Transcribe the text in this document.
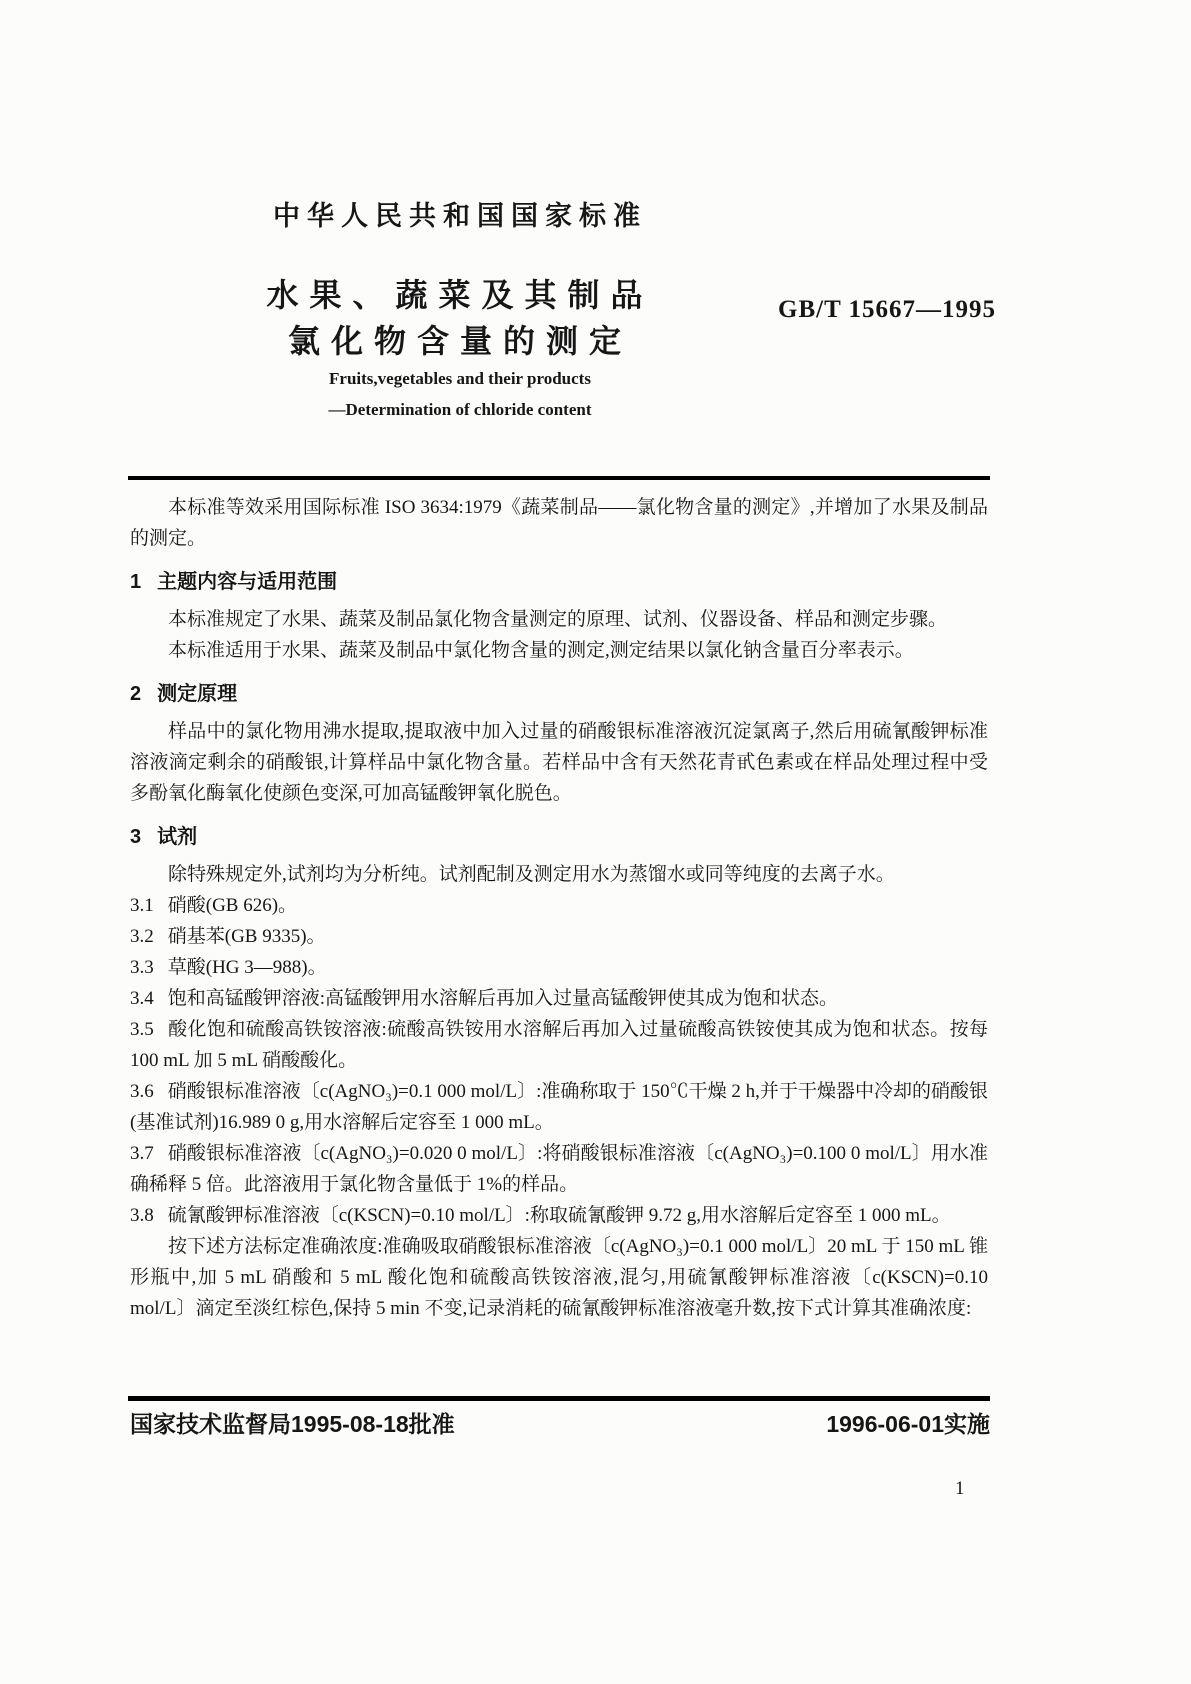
中华人民共和国国家标准
水果、蔬菜及其制品
氯化物含量的测定
GB/T 15667—1995
Fruits,vegetables and their products
—Determination of chloride content

本标准等效采用国际标准 ISO 3634:1979《蔬菜制品——氯化物含量的测定》,并增加了水果及制品的测定。

1 主题内容与适用范围

本标准规定了水果、蔬菜及制品氯化物含量测定的原理、试剂、仪器设备、样品和测定步骤。

本标准适用于水果、蔬菜及制品中氯化物含量的测定,测定结果以氯化钠含量百分率表示。

2 测定原理

样品中的氯化物用沸水提取,提取液中加入过量的硝酸银标准溶液沉淀氯离子,然后用硫氰酸钾标准溶液滴定剩余的硝酸银,计算样品中氯化物含量。若样品中含有天然花青甙色素或在样品处理过程中受多酚氧化酶氧化使颜色变深,可加高锰酸钾氧化脱色。

3 试剂

除特殊规定外,试剂均为分析纯。试剂配制及测定用水为蒸馏水或同等纯度的去离子水。

3.1 硝酸(GB 626)。

3.2 硝基苯(GB 9335)。

3.3 草酸(HG 3—988)。

3.4 饱和高锰酸钾溶液:高锰酸钾用水溶解后再加入过量高锰酸钾使其成为饱和状态。

3.5 酸化饱和硫酸高铁铵溶液:硫酸高铁铵用水溶解后再加入过量硫酸高铁铵使其成为饱和状态。按每 100 mL 加 5 mL 硝酸酸化。

3.6 硝酸银标准溶液〔c(AgNO₃)=0.1 000 mol/L〕:准确称取于 150℃干燥 2 h,并于干燥器中冷却的硝酸银(基准试剂)16.989 0 g,用水溶解后定容至 1 000 mL。

3.7 硝酸银标准溶液〔c(AgNO₃)=0.020 0 mol/L〕:将硝酸银标准溶液〔c(AgNO₃)=0.100 0 mol/L〕用水准确稀释 5 倍。此溶液用于氯化物含量低于 1%的样品。

3.8 硫氰酸钾标准溶液〔c(KSCN)=0.10 mol/L〕:称取硫氰酸钾 9.72 g,用水溶解后定容至 1 000 mL。

按下述方法标定准确浓度:准确吸取硝酸银标准溶液〔c(AgNO₃)=0.1 000 mol/L〕20 mL 于 150 mL 锥形瓶中,加 5 mL 硝酸和 5 mL 酸化饱和硫酸高铁铵溶液,混匀,用硫氰酸钾标准溶液〔c(KSCN)=0.10 mol/L〕滴定至淡红棕色,保持 5 min 不变,记录消耗的硫氰酸钾标准溶液毫升数,按下式计算其准确浓度:

国家技术监督局1995-08-18批准	1996-06-01实施
1
